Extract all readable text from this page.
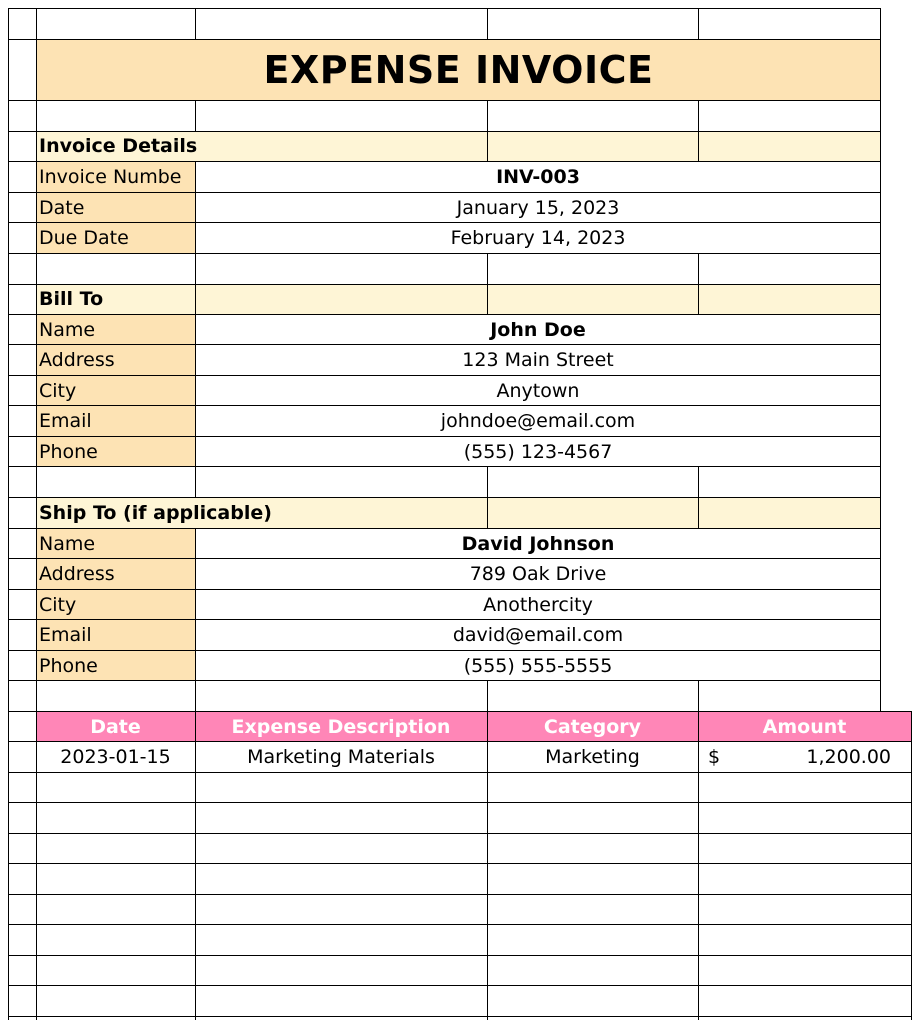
EXPENSE INVOICE
Invoice Details
Invoice Numbe	INV-003
Date	January 15, 2023
Due Date	February 14, 2023
Bill To
Name	John Doe
Address	123 Main Street
City	Anytown
Email	johndoe@email.com
Phone	(555) 123-4567
Ship To (if applicable)
Name	David Johnson
Address	789 Oak Drive
City	Anothercity
Email	david@email.com
Phone	(555) 555-5555
Date	Expense Description	Category	Amount
2023-01-15	Marketing Materials	Marketing	$	1,200.00
